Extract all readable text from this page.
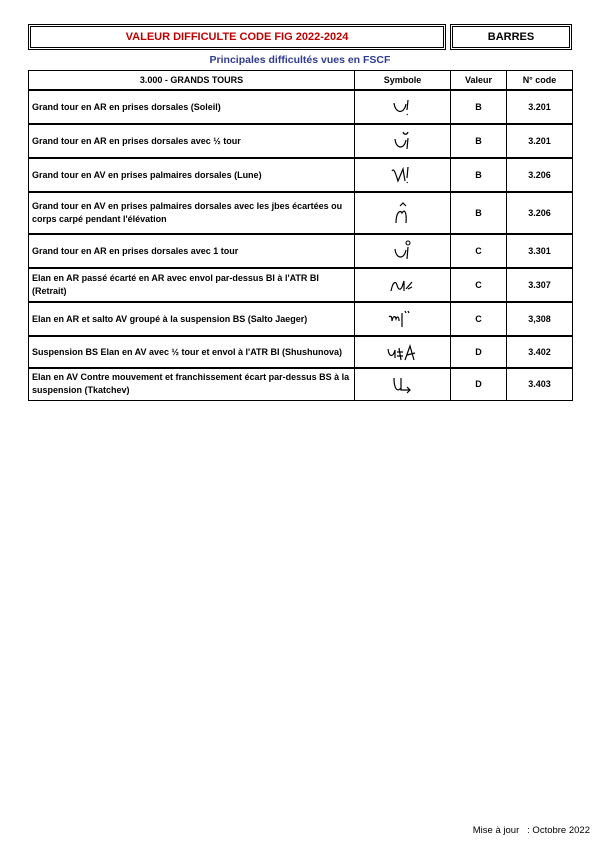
VALEUR DIFFICULTE CODE FIG 2022-2024	BARRES
Principales difficultés vues en FSCF
3.000 - GRANDS TOURS	Symbole	Valeur	N° code
Grand tour en AR en prises dorsales (Soleil)		B	3.201
Grand tour en AR en prises dorsales avec ½ tour		B	3.201
Grand tour en AV en prises palmaires dorsales (Lune)		B	3.206
Grand tour en AV en prises palmaires dorsales avec les jbes écartées ou corps carpé pendant l'élévation		B	3.206
Grand tour en AR en prises dorsales avec 1 tour		C	3.301
Elan en AR passé écarté en AR avec envol par-dessus BI à l'ATR BI (Retrait)		C	3.307
Elan en AR et salto AV groupé à la suspension BS (Salto Jaeger)		C	3,308
Suspension BS Elan en AV avec ½ tour et envol à l'ATR BI (Shushunova)		D	3.402
Elan en AV Contre mouvement et franchissement écart par-dessus BS à la suspension (Tkatchev)		D	3.403
Mise à jour   : Octobre 2022
